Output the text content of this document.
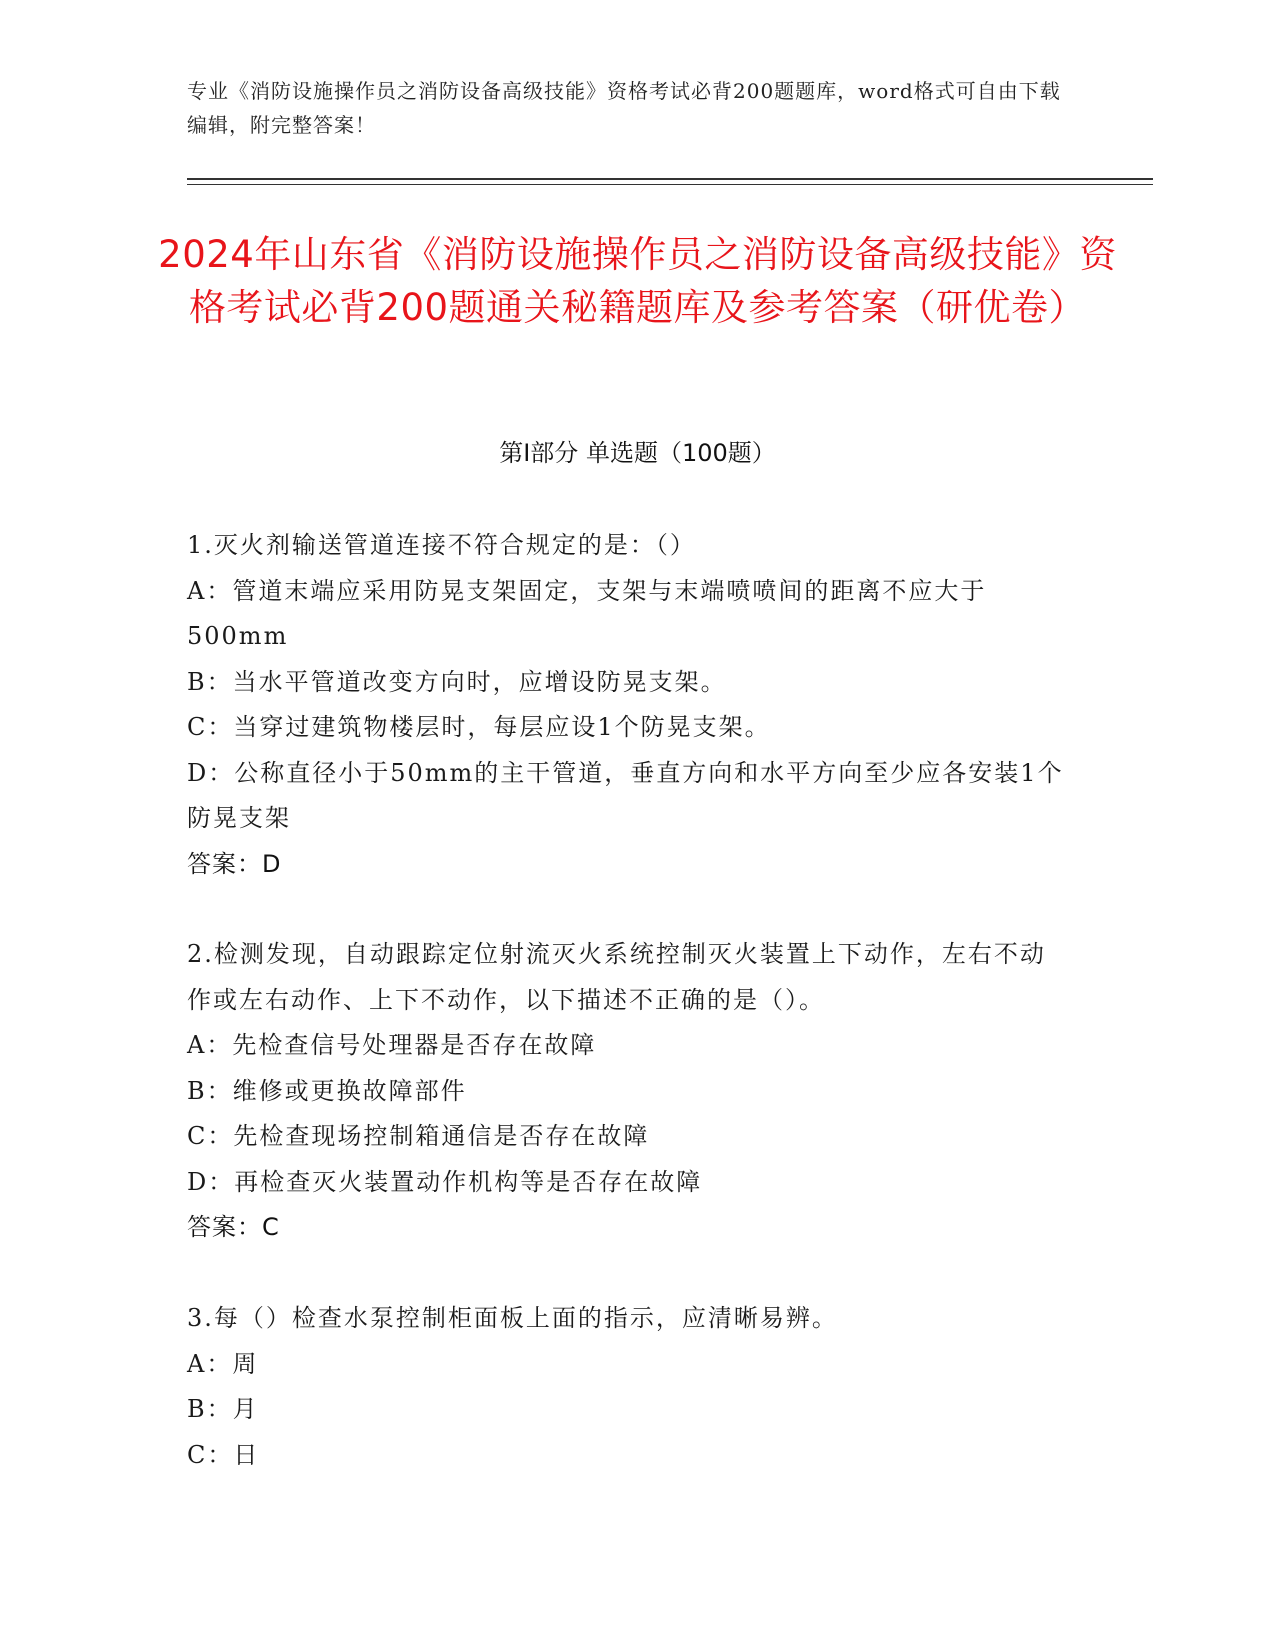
专业《消防设施操作员之消防设备高级技能》资格考试必背200题题库，word格式可自由下载编辑，附完整答案！
2024年山东省《消防设施操作员之消防设备高级技能》资格考试必背200题通关秘籍题库及参考答案（研优卷）
第I部分 单选题（100题）
1.灭火剂输送管道连接不符合规定的是：（）
A：管道末端应采用防晃支架固定，支架与末端喷喷间的距离不应大于500mm
B：当水平管道改变方向时，应增设防晃支架。
C：当穿过建筑物楼层时，每层应设1个防晃支架。
D：公称直径小于50mm的主干管道，垂直方向和水平方向至少应各安装1个防晃支架
答案：D
2.检测发现，自动跟踪定位射流灭火系统控制灭火装置上下动作，左右不动作或左右动作、上下不动作，以下描述不正确的是（）。
A：先检查信号处理器是否存在故障
B：维修或更换故障部件
C：先检查现场控制箱通信是否存在故障
D：再检查灭火装置动作机构等是否存在故障
答案：C
3.每（）检查水泵控制柜面板上面的指示，应清晰易辨。
A：周
B：月
C：日
